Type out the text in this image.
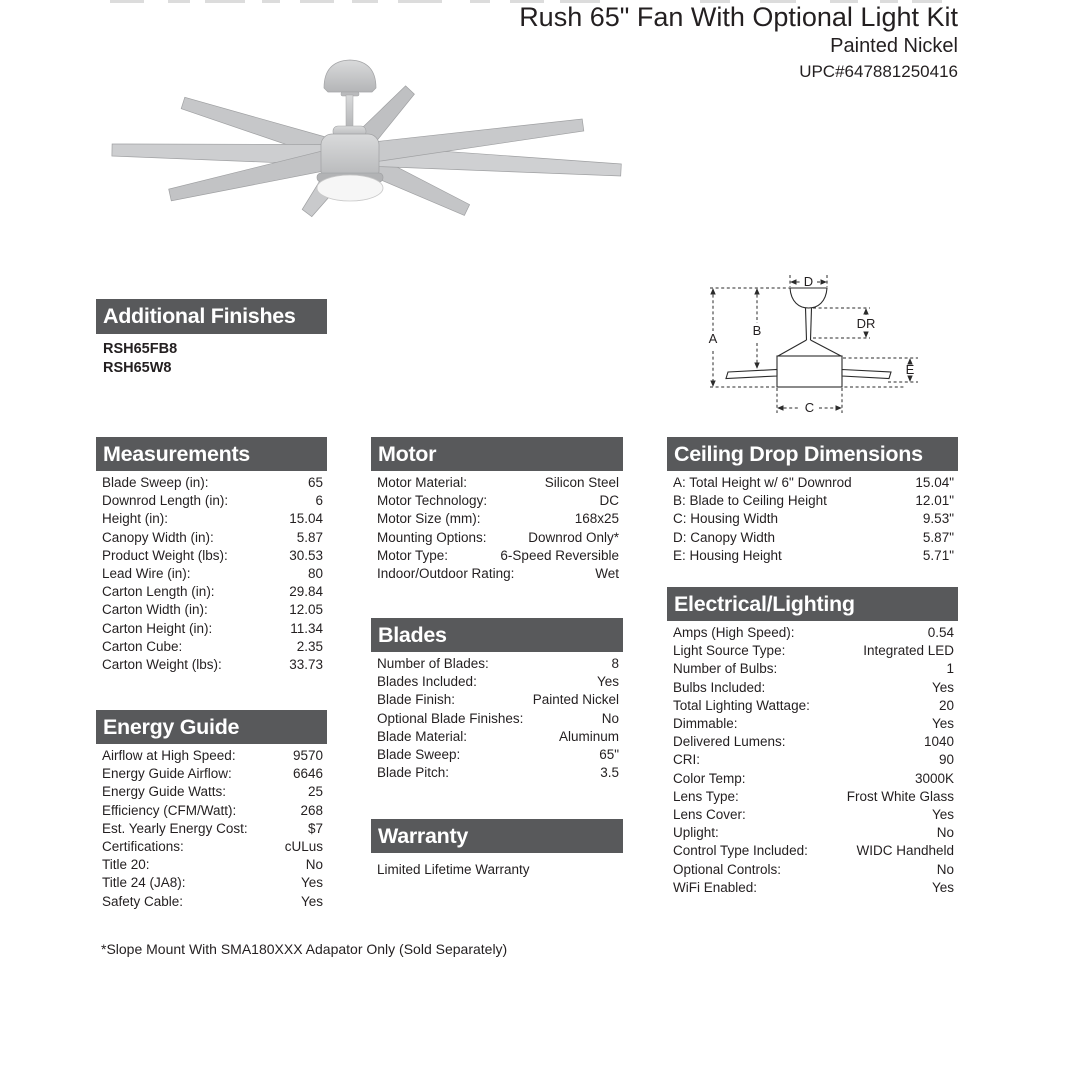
Rush 65" Fan With Optional Light Kit
Painted Nickel
UPC#647881250416
A
B
D
DR
E
C
Additional Finishes
RSH65FB8
RSH65W8
Measurements
Blade Sweep (in):	65
Downrod Length (in):	6
Height (in):	15.04
Canopy Width (in):	5.87
Product Weight (lbs):	30.53
Lead Wire (in):	80
Carton Length (in):	29.84
Carton Width (in):	12.05
Carton Height (in):	11.34
Carton Cube:	2.35
Carton Weight (lbs):	33.73
Energy Guide
Airflow at High Speed:	9570
Energy Guide Airflow:	6646
Energy Guide Watts:	25
Efficiency (CFM/Watt):	268
Est. Yearly Energy Cost:	$7
Certifications:	cULus
Title 20:	No
Title 24 (JA8):	Yes
Safety Cable:	Yes
Motor
Motor Material:	Silicon Steel
Motor Technology:	DC
Motor Size (mm):	168x25
Mounting Options:	Downrod Only*
Motor Type:	6-Speed Reversible
Indoor/Outdoor Rating:	Wet
Blades
Number of Blades:	8
Blades Included:	Yes
Blade Finish:	Painted Nickel
Optional Blade Finishes:	No
Blade Material:	Aluminum
Blade Sweep:	65"
Blade Pitch:	3.5
Warranty
Limited Lifetime Warranty
Ceiling Drop Dimensions
A: Total Height w/ 6" Downrod	15.04"
B: Blade to Ceiling Height	12.01"
C: Housing Width	9.53"
D: Canopy Width	5.87"
E: Housing Height	5.71"
Electrical/Lighting
Amps (High Speed):	0.54
Light Source Type:	Integrated LED
Number of Bulbs:	1
Bulbs Included:	Yes
Total Lighting Wattage:	20
Dimmable:	Yes
Delivered Lumens:	1040
CRI:	90
Color Temp:	3000K
Lens Type:	Frost White Glass
Lens Cover:	Yes
Uplight:	No
Control Type Included:	WIDC Handheld
Optional Controls:	No
WiFi Enabled:	Yes
*Slope Mount With SMA180XXX Adapator Only (Sold Separately)
